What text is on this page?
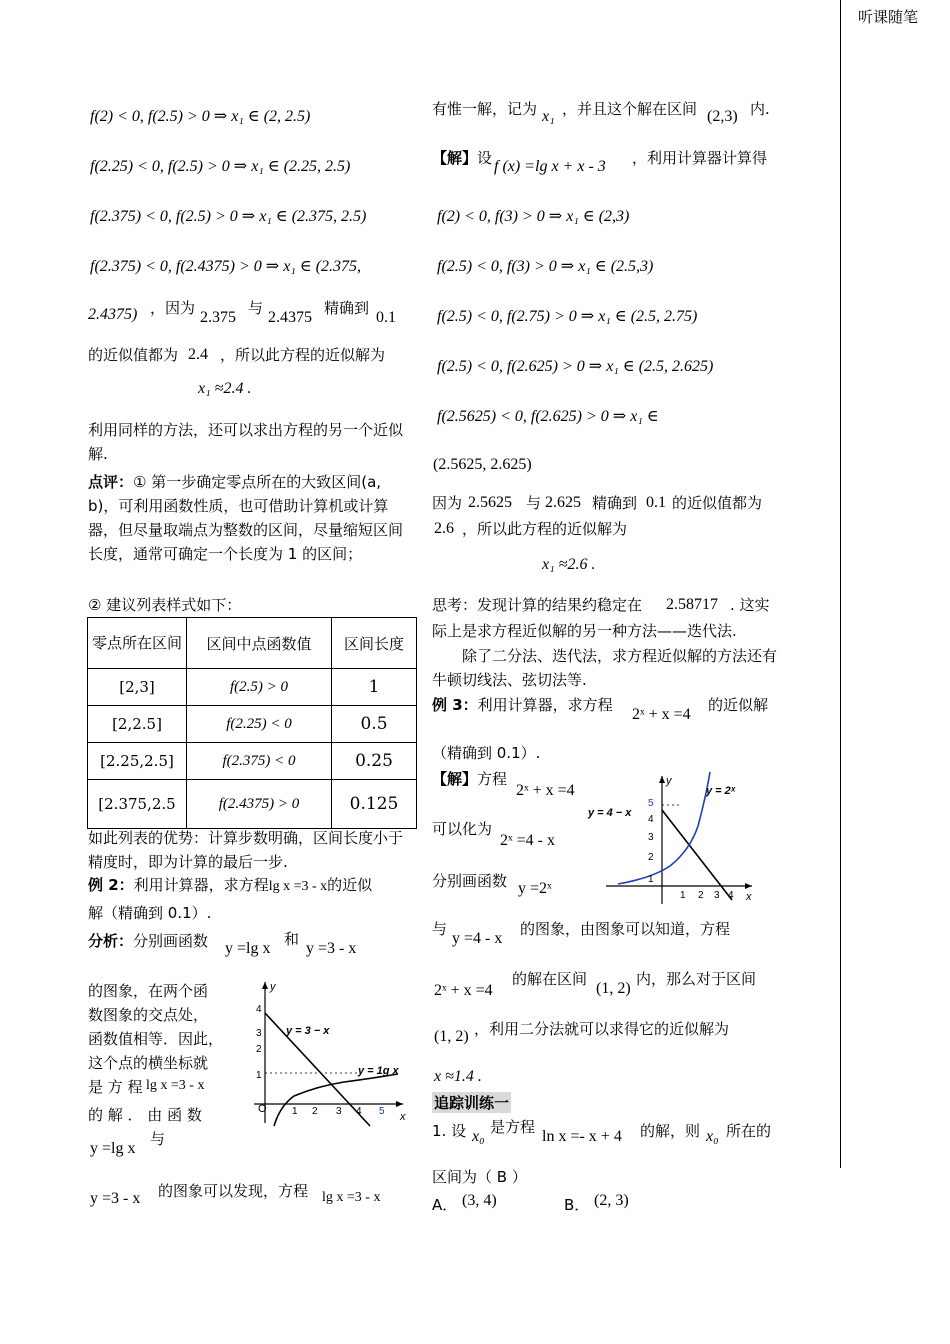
听课随笔
f(2) < 0, f(2.5) > 0 ⇒ x₁ ∈ (2, 2.5)
f(2.25) < 0, f(2.5) > 0 ⇒ x₁ ∈ (2.25, 2.5)
f(2.375) < 0, f(2.5) > 0 ⇒ x₁ ∈ (2.375, 2.5)
f(2.375) < 0, f(2.4375) > 0 ⇒ x₁ ∈ (2.375,
2.4375) ，因为
2.375
与
2.4375
精确到
0.1
的近似值都为 2.4 ，所以此方程的近似解为
x₁ ≈2.4 .
利用同样的方法，还可以求出方程的另一个近似解.
点评：① 第一步确定零点所在的大致区间(a, b)，可利用函数性质，也可借助计算机或计算器，但尽量取端点为整数的区间，尽量缩短区间长度，通常可确定一个长度为 1 的区间；
② 建议列表样式如下：
零点所在区间	区间中点函数值	区间长度
[2,3]	f(2.5) > 0	1
[2,2.5]	f(2.25) < 0	0.5
[2.25,2.5]	f(2.375) < 0	0.25
[2.375,2.5	f(2.4375) > 0	0.125
如此列表的优势：计算步数明确，区间长度小于精度时，即为计算的最后一步.
例 2：利用计算器，求方程lg x =3 - x的近似
解（精确到 0.1）.
分析：分别画函数 y =lg x
和
y =3 - x
的图象，在两个函
数图象的交点处，
函数值相等．因此，
这个点的横坐标就
是 方 程 lg x =3 - x
的 解 ． 由 函 数
y =lg x
与
y =3 - x 的图象可以发现，方程 lg x =3 - x
y
x
O
y = 3 − x
y = 1g x
1 2 3 4 5
1
2
3
4
有惟一解，记为 x₁ ，并且这个解在区间 (2,3) 内.
【解】设 f (x) =lg x + x - 3 ，利用计算器计算得
f(2) < 0, f(3) > 0 ⇒ x₁ ∈ (2,3)
f(2.5) < 0, f(3) > 0 ⇒ x₁ ∈ (2.5,3)
f(2.5) < 0, f(2.75) > 0 ⇒ x₁ ∈ (2.5, 2.75)
f(2.5) < 0, f(2.625) > 0 ⇒ x₁ ∈ (2.5, 2.625)
f(2.5625) < 0, f(2.625) > 0 ⇒ x₁ ∈
(2.5625, 2.625)
因为 2.5625 与 2.625 精确到 0.1 的近似值都为
2.6 ，所以此方程的近似解为
x₁ ≈2.6 .
思考：发现计算的结果约稳定在 2.58717 . 这实
际上是求方程近似解的另一种方法——迭代法.
除了二分法、迭代法，求方程近似解的方法还有牛顿切线法、弦切法等.
例 3：利用计算器，求方程
2ˣ + x =4
的近似解
（精确到 0.1）.
【解】方程
2ˣ + x =4
可以化为
2ˣ =4 - x
分别画函数 y =2ˣ
与
y =4 - x
的图象，由图象可以知道，方程
2ˣ + x =4
的解在区间
(1, 2)
内，那么对于区间
(1, 2) ，利用二分法就可以求得它的近似解为
x ≈1.4 .
追踪训练一
1. 设 x₀
是方程
ln x =- x + 4 的解，则 x₀ 所在的
区间为（ B ）
A． (3, 4)	B． (2, 3)
y
x
y = 4 − x
y = 2ˣ
1
2
3
4
5
1 2 3 4
